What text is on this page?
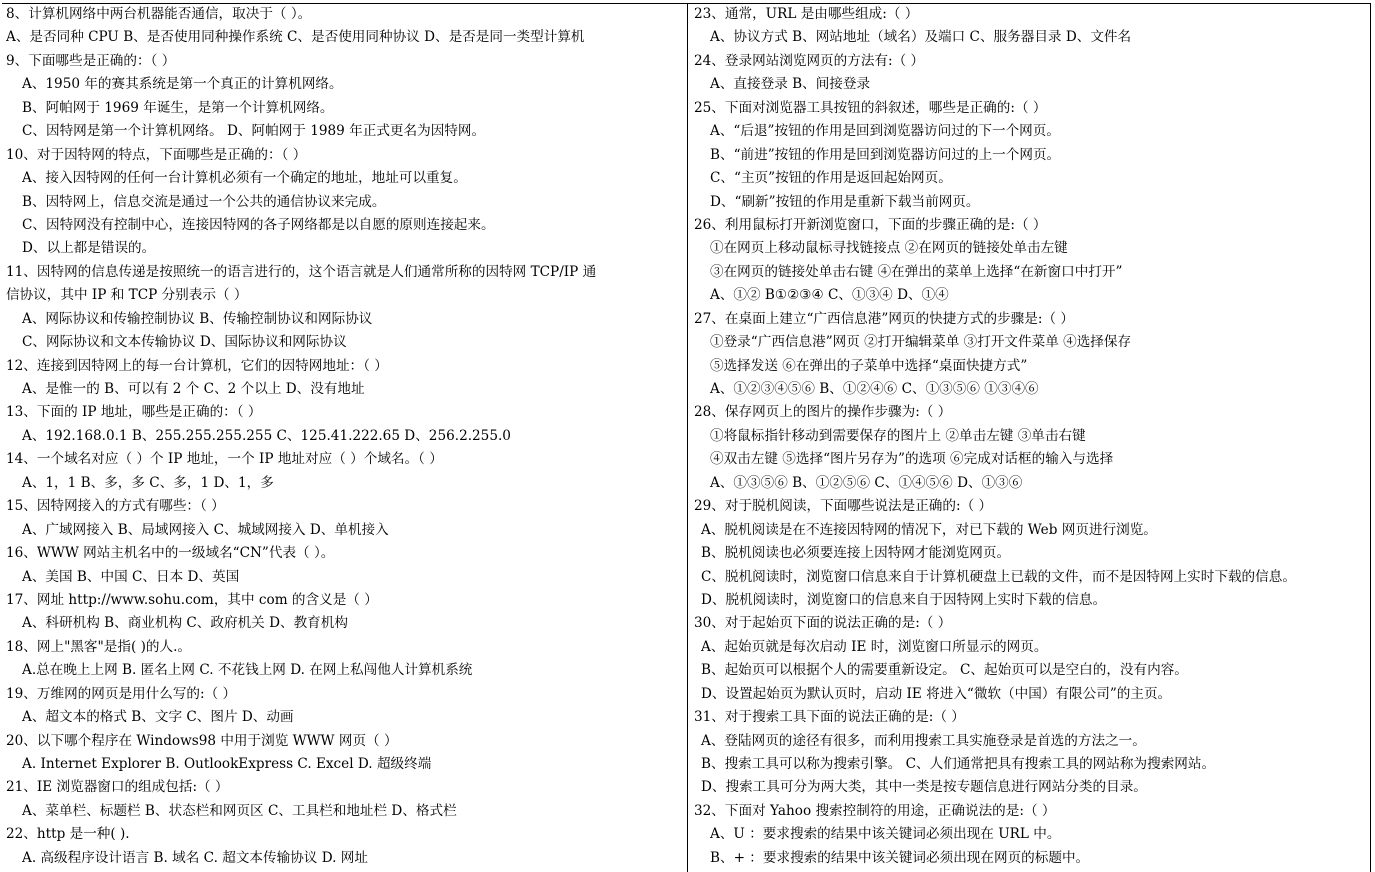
8、计算机网络中两台机器能否通信，取决于（ ）。
A、是否同种 CPU B、是否使用同种操作系统 C、是否使用同种协议 D、是否是同一类型计算机
9、下面哪些是正确的：（ ）
A、1950 年的赛其系统是第一个真正的计算机网络。
B、阿帕网于 1969 年诞生，是第一个计算机网络。
C、因特网是第一个计算机网络。 D、阿帕网于 1989 年正式更名为因特网。
10、对于因特网的特点，下面哪些是正确的：（ ）
A、接入因特网的任何一台计算机必须有一个确定的地址，地址可以重复。
B、因特网上，信息交流是通过一个公共的通信协议来完成。
C、因特网没有控制中心，连接因特网的各子网络都是以自愿的原则连接起来。
D、以上都是错误的。
11、因特网的信息传递是按照统一的语言进行的，这个语言就是人们通常所称的因特网 TCP/IP 通
信协议，其中 IP 和 TCP 分别表示（ ）
A、网际协议和传输控制协议 B、传输控制协议和网际协议
C、网际协议和文本传输协议 D、国际协议和网际协议
12、连接到因特网上的每一台计算机，它们的因特网地址：（ ）
A、是惟一的 B、可以有 2 个 C、2 个以上 D、没有地址
13、下面的 IP 地址，哪些是正确的：（ ）
A、192.168.0.1 B、255.255.255.255 C、125.41.222.65 D、256.2.255.0
14、一个域名对应（ ）个 IP 地址，一个 IP 地址对应（ ）个域名。（ ）
A、1，1 B、多，多 C、多，1 D、1，多
15、因特网接入的方式有哪些：（ ）
A、广域网接入 B、局域网接入 C、城域网接入 D、单机接入
16、WWW 网站主机名中的一级域名“CN”代表（ ）。
A、美国 B、中国 C、日本 D、英国
17、网址 http://www.sohu.com，其中 com 的含义是（ ）
A、科研机构 B、商业机构 C、政府机关 D、教育机构
18、网上"黑客"是指( )的人.。
A.总在晚上上网 B. 匿名上网 C. 不花钱上网 D. 在网上私闯他人计算机系统
19、万维网的网页是用什么写的:（ ）
A、超文本的格式 B、文字 C、图片 D、动画
20、以下哪个程序在 Windows98 中用于浏览 WWW 网页（ ）
A. Internet Explorer B. OutlookExpress C. Excel D. 超级终端
21、IE 浏览器窗口的组成包括:（ ）
A、菜单栏、标题栏 B、状态栏和网页区 C、工具栏和地址栏 D、格式栏
22、http 是一种( ).
A. 高级程序设计语言 B. 域名 C. 超文本传输协议 D. 网址
23、通常，URL 是由哪些组成:（ ）
A、协议方式 B、网站地址（域名）及端口 C、服务器目录 D、文件名
24、登录网站浏览网页的方法有:（ ）
A、直接登录 B、间接登录
25、下面对浏览器工具按钮的斜叙述，哪些是正确的:（ ）
A、“后退”按钮的作用是回到浏览器访问过的下一个网页。
B、“前进”按钮的作用是回到浏览器访问过的上一个网页。
C、“主页”按钮的作用是返回起始网页。
D、“刷新”按钮的作用是重新下载当前网页。
26、利用鼠标打开新浏览窗口，下面的步骤正确的是:（ ）
①在网页上移动鼠标寻找链接点 ②在网页的链接处单击左键
③在网页的链接处单击右键 ④在弹出的菜单上选择“在新窗口中打开”
A、①② B①②③④ C、①③④ D、①④
27、在桌面上建立“广西信息港”网页的快捷方式的步骤是:（ ）
①登录“广西信息港”网页 ②打开编辑菜单 ③打开文件菜单 ④选择保存
⑤选择发送 ⑥在弹出的子菜单中选择“桌面快捷方式”
A、①②③④⑤⑥ B、①②④⑥ C、①③⑤⑥ ①③④⑥
28、保存网页上的图片的操作步骤为:（ ）
①将鼠标指针移动到需要保存的图片上 ②单击左键 ③单击右键
④双击左键 ⑤选择“图片另存为”的选项 ⑥完成对话框的输入与选择
A、①③⑤⑥ B、①②⑤⑥ C、①④⑤⑥ D、①③⑥
29、对于脱机阅读，下面哪些说法是正确的:（ ）
A、脱机阅读是在不连接因特网的情况下，对已下载的 Web 网页进行浏览。
B、脱机阅读也必须要连接上因特网才能浏览网页。
C、脱机阅读时，浏览窗口信息来自于计算机硬盘上已载的文件，而不是因特网上实时下载的信息。
D、脱机阅读时，浏览窗口的信息来自于因特网上实时下载的信息。
30、对于起始页下面的说法正确的是:（ ）
A、起始页就是每次启动 IE 时，浏览窗口所显示的网页。
B、起始页可以根据个人的需要重新设定。 C、起始页可以是空白的，没有内容。
D、设置起始页为默认页时，启动 IE 将进入“微软（中国）有限公司”的主页。
31、对于搜索工具下面的说法正确的是:（ ）
A、登陆网页的途径有很多，而利用搜索工具实施登录是首选的方法之一。
B、搜索工具可以称为搜索引擎。 C、人们通常把具有搜索工具的网站称为搜索网站。
D、搜索工具可分为两大类，其中一类是按专题信息进行网站分类的目录。
32、下面对 Yahoo 搜索控制符的用途，正确说法的是:（ ）
A、U ：要求搜索的结果中该关键词必须出现在 URL 中。
B、+ ：要求搜索的结果中该关键词必须出现在网页的标题中。
